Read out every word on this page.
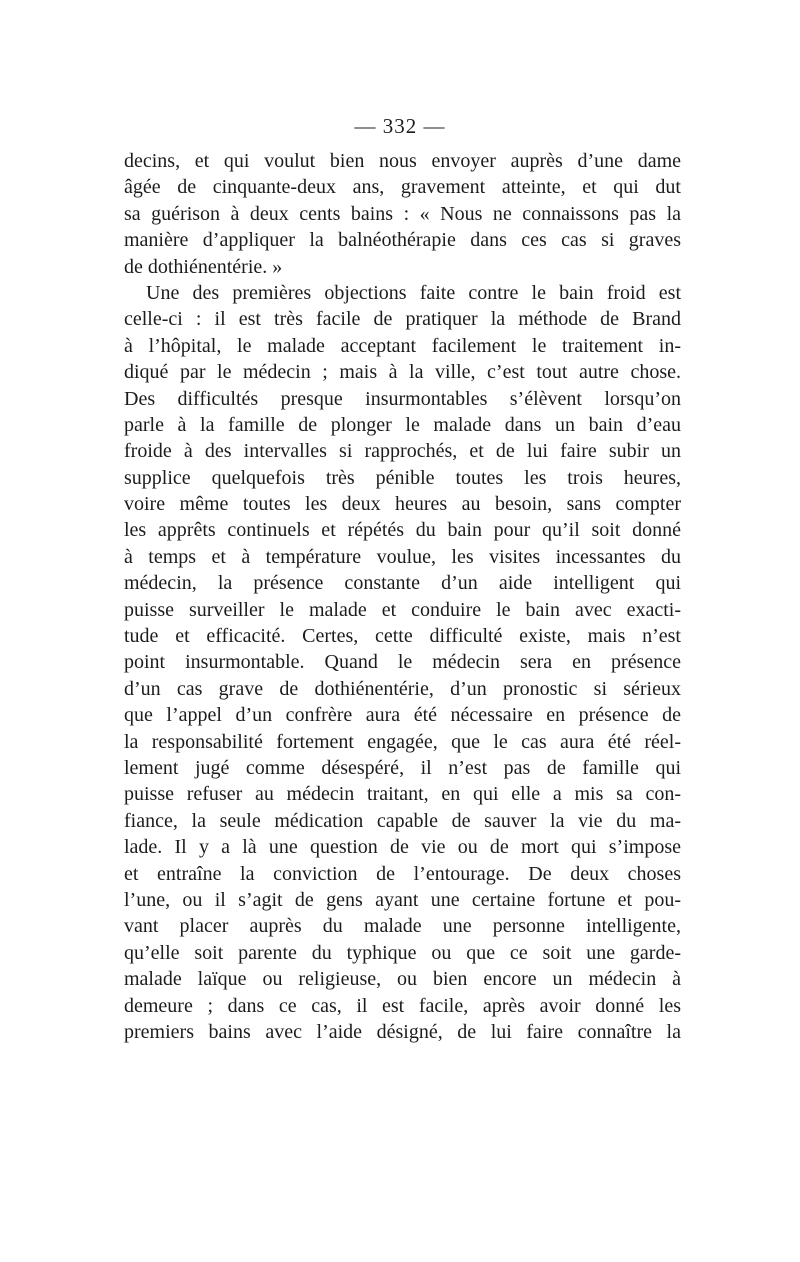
— 332 —
decins, et qui voulut bien nous envoyer auprès d’une dame
âgée de cinquante-deux ans, gravement atteinte, et qui dut
sa guérison à deux cents bains : « Nous ne connaissons pas la
manière d’appliquer la balnéothérapie dans ces cas si graves
de dothiénentérie. »
Une des premières objections faite contre le bain froid est
celle-ci : il est très facile de pratiquer la méthode de Brand
à l’hôpital, le malade acceptant facilement le traitement in-
diqué par le médecin ; mais à la ville, c’est tout autre chose.
Des difficultés presque insurmontables s’élèvent lorsqu’on
parle à la famille de plonger le malade dans un bain d’eau
froide à des intervalles si rapprochés, et de lui faire subir un
supplice quelquefois très pénible toutes les trois heures,
voire même toutes les deux heures au besoin, sans compter
les apprêts continuels et répétés du bain pour qu’il soit donné
à temps et à température voulue, les visites incessantes du
médecin, la présence constante d’un aide intelligent qui
puisse surveiller le malade et conduire le bain avec exacti-
tude et efficacité. Certes, cette difficulté existe, mais n’est
point insurmontable. Quand le médecin sera en présence
d’un cas grave de dothiénentérie, d’un pronostic si sérieux
que l’appel d’un confrère aura été nécessaire en présence de
la responsabilité fortement engagée, que le cas aura été réel-
lement jugé comme désespéré, il n’est pas de famille qui
puisse refuser au médecin traitant, en qui elle a mis sa con-
fiance, la seule médication capable de sauver la vie du ma-
lade. Il y a là une question de vie ou de mort qui s’impose
et entraîne la conviction de l’entourage. De deux choses
l’une, ou il s’agit de gens ayant une certaine fortune et pou-
vant placer auprès du malade une personne intelligente,
qu’elle soit parente du typhique ou que ce soit une garde-
malade laïque ou religieuse, ou bien encore un médecin à
demeure ; dans ce cas, il est facile, après avoir donné les
premiers bains avec l’aide désigné, de lui faire connaître la
